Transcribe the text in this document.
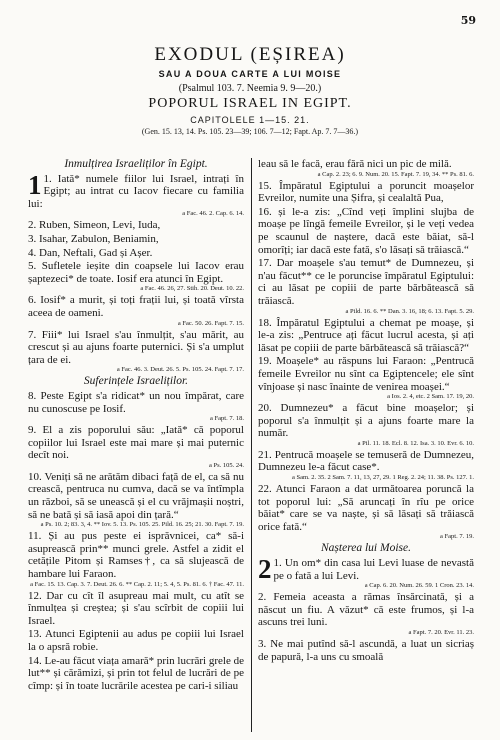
59
EXODUL (EȘIREA)
SAU A DOUA CARTE A LUI MOISE
(Psalmul 103. 7. Neemia 9. 9—20.)
POPORUL ISRAEL IN EGIPT.
CAPITOLELE 1—15. 21.
(Gen. 15. 13, 14. Ps. 105. 23—39; 106. 7—12; Fapt. Ap. 7. 7—36.)
Inmulțirea Israeliților în Egipt.

1 1. Iată* numele fiilor lui Israel, intrați în Egipt; au intrat cu Iacov fiecare cu familia lui:
a Fac. 46. 2. Cap. 6. 14.

2. Ruben, Simeon, Levi, Iuda,

3. Isahar, Zabulon, Beniamin,

4. Dan, Neftali, Gad și Așer.

5. Sufletele ieșite din coapsele lui Iacov erau șaptezeci* de toate. Iosif era atunci în Egipt.
a Fac. 46. 26, 27. Stih. 20. Deut. 10. 22.

6. Iosif* a murit, și toți frații lui, și toată vîrsta aceea de oameni.
a Fac. 50. 26. Fapt. 7. 15.

7. Fiii* lui Israel s'au înmulțit, s'au mărit, au crescut și au ajuns foarte puternici. Și s'a umplut țara de ei.
a Fac. 46. 3. Deut. 26. 5. Ps. 105. 24. Fapt. 7. 17.

Suferințele Israeliților.

8. Peste Egipt s'a ridicat* un nou împărat, care nu cunoscuse pe Iosif.
a Fapt. 7. 18.

9. El a zis poporului său: „Iată* că poporul copiilor lui Israel este mai mare și mai puternic decît noi.
a Ps. 105. 24.

10. Veniți să ne arătăm dibaci față de el, ca să nu crească, pentruca nu cumva, dacă se va întîmpla un război, să se unească și el cu vrăjmașii noștri, să ne bată și să iasă apoi din țară.“
a Ps. 10. 2; 83. 3, 4. ** Iov. 5. 13. Ps. 105. 25. Pild. 16. 25; 21. 30. Fapt. 7. 19.

11. Și au pus peste ei isprăvnicei, ca* să-i asuprească prin** munci grele. Astfel a zidit el cetățile Pitom și Ramses†, ca să slujească de hambare lui Faraon.
a Fac. 15. 13. Cap. 3. 7. Deut. 26. 6. ** Cap. 2. 11; 5. 4, 5. Ps. 81. 6. † Fac. 47. 11.

12. Dar cu cît îl asupreau mai mult, cu atît se înmulțea și creștea; și s'au scîrbit de copiii lui Israel.

13. Atunci Egiptenii au adus pe copiii lui Israel la o apsră robie.

14. Le-au făcut viața amară* prin lucrări grele de lut** și cărămizi, și prin tot felul de lucrări de pe cîmp: și în toate lucrările acestea pe cari-i siliau

leau să le facă, erau fără nici un pic de milă.
a Cap. 2. 23; 6. 9. Num. 20. 15. Fapt. 7. 19, 34. ** Ps. 81. 6.

15. Împăratul Egiptului a poruncit moașelor Evreilor, numite una Șifra, și cealaltă Pua,

16. și le-a zis: „Cînd veți împlini slujba de moașe pe lîngă femeile Evreilor, și le veți vedea pe scaunul de naștere, dacă este băiat, să-l omorîți; iar dacă este fată, s'o lăsați să trăiască.“

17. Dar moașele s'au temut* de Dumnezeu, și n'au făcut** ce le poruncise împăratul Egiptului: ci au lăsat pe copiii de parte bărbătească să trăiască.
a Pild. 16. 6. ** Dan. 3. 16, 18; 6. 13. Fapt. 5. 29.

18. Împăratul Egiptului a chemat pe moașe, și le-a zis: „Pentruce ați făcut lucrul acesta, și ați lăsat pe copiii de parte bărbătească să trăiască?“

19. Moașele* au răspuns lui Faraon: „Pentrucă femeile Evreilor nu sînt ca Egiptencele; ele sînt vînjoase și nasc înainte de venirea moașei.“
a Ios. 2. 4, etc. 2 Sam. 17. 19, 20.

20. Dumnezeu* a făcut bine moașelor; și poporul s'a înmulțit și a ajuns foarte mare la număr.
a Pil. 11. 18. Ecl. 8. 12. Isa. 3. 10. Evr. 6. 10.

21. Pentrucă moașele se temuseră de Dumnezeu, Dumnezeu le-a făcut case*.
a Sam. 2. 35. 2 Sam. 7. 11, 13, 27, 29. 1 Reg. 2. 24; 11. 38. Ps. 127. 1.

22. Atunci Faraon a dat următoarea poruncă la tot poporul lui: „Să aruncați în rîu pe orice băiat* care se va naște, și să lăsați să trăiască orice fată.“
a Fapt. 7. 19.

Nașterea lui Moise.

2 1. Un om* din casa lui Levi luase de nevastă pe o fată a lui Levi.
a Cap. 6. 20. Num. 26. 59. 1 Cron. 23. 14.

2. Femeia aceasta a rămas însărcinată, și a născut un fiu. A văzut* că este frumos, și l-a ascuns trei luni.
a Fapt. 7. 20. Evr. 11. 23.

3. Ne mai putînd să-l ascundă, a luat un sicriaș de papură, l-a uns cu smoală
